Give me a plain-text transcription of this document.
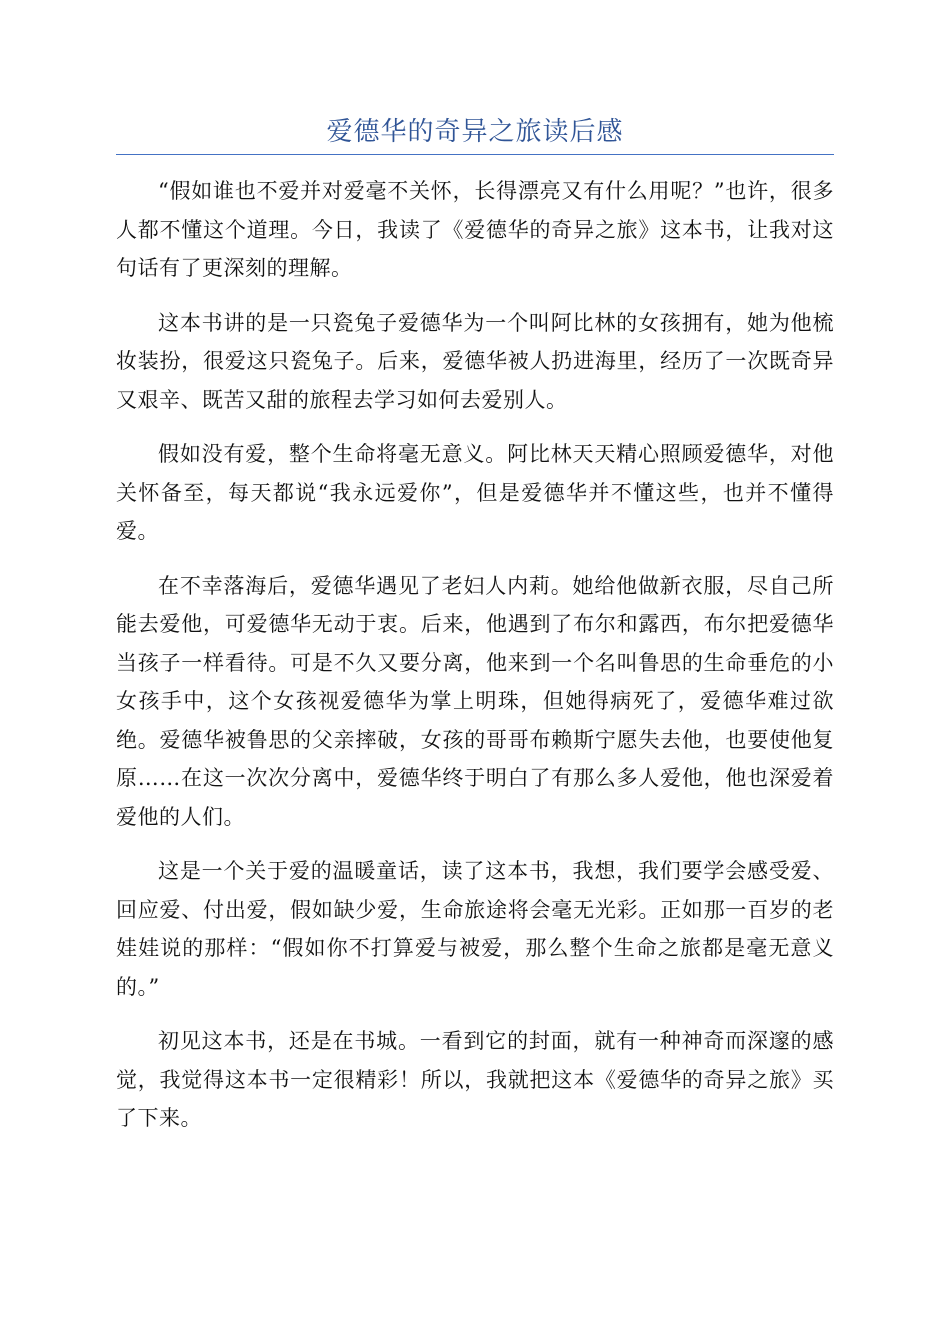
爱德华的奇异之旅读后感

“假如谁也不爱并对爱毫不关怀，长得漂亮又有什么用呢？”也许，很多人都不懂这个道理。今日，我读了《爱德华的奇异之旅》这本书，让我对这句话有了更深刻的理解。

这本书讲的是一只瓷兔子爱德华为一个叫阿比林的女孩拥有，她为他梳妆装扮，很爱这只瓷兔子。后来，爱德华被人扔进海里，经历了一次既奇异又艰辛、既苦又甜的旅程去学习如何去爱别人。

假如没有爱，整个生命将毫无意义。阿比林天天精心照顾爱德华，对他关怀备至，每天都说“我永远爱你”，但是爱德华并不懂这些，也并不懂得爱。

在不幸落海后，爱德华遇见了老妇人内莉。她给他做新衣服，尽自己所能去爱他，可爱德华无动于衷。后来，他遇到了布尔和露西，布尔把爱德华当孩子一样看待。可是不久又要分离，他来到一个名叫鲁思的生命垂危的小女孩手中，这个女孩视爱德华为掌上明珠，但她得病死了，爱德华难过欲绝。爱德华被鲁思的父亲摔破，女孩的哥哥布赖斯宁愿失去他，也要使他复原……在这一次次分离中，爱德华终于明白了有那么多人爱他，他也深爱着爱他的人们。

这是一个关于爱的温暖童话，读了这本书，我想，我们要学会感受爱、回应爱、付出爱，假如缺少爱，生命旅途将会毫无光彩。正如那一百岁的老娃娃说的那样：“假如你不打算爱与被爱，那么整个生命之旅都是毫无意义的。”

初见这本书，还是在书城。一看到它的封面，就有一种神奇而深邃的感觉，我觉得这本书一定很精彩！所以，我就把这本《爱德华的奇异之旅》买了下来。
